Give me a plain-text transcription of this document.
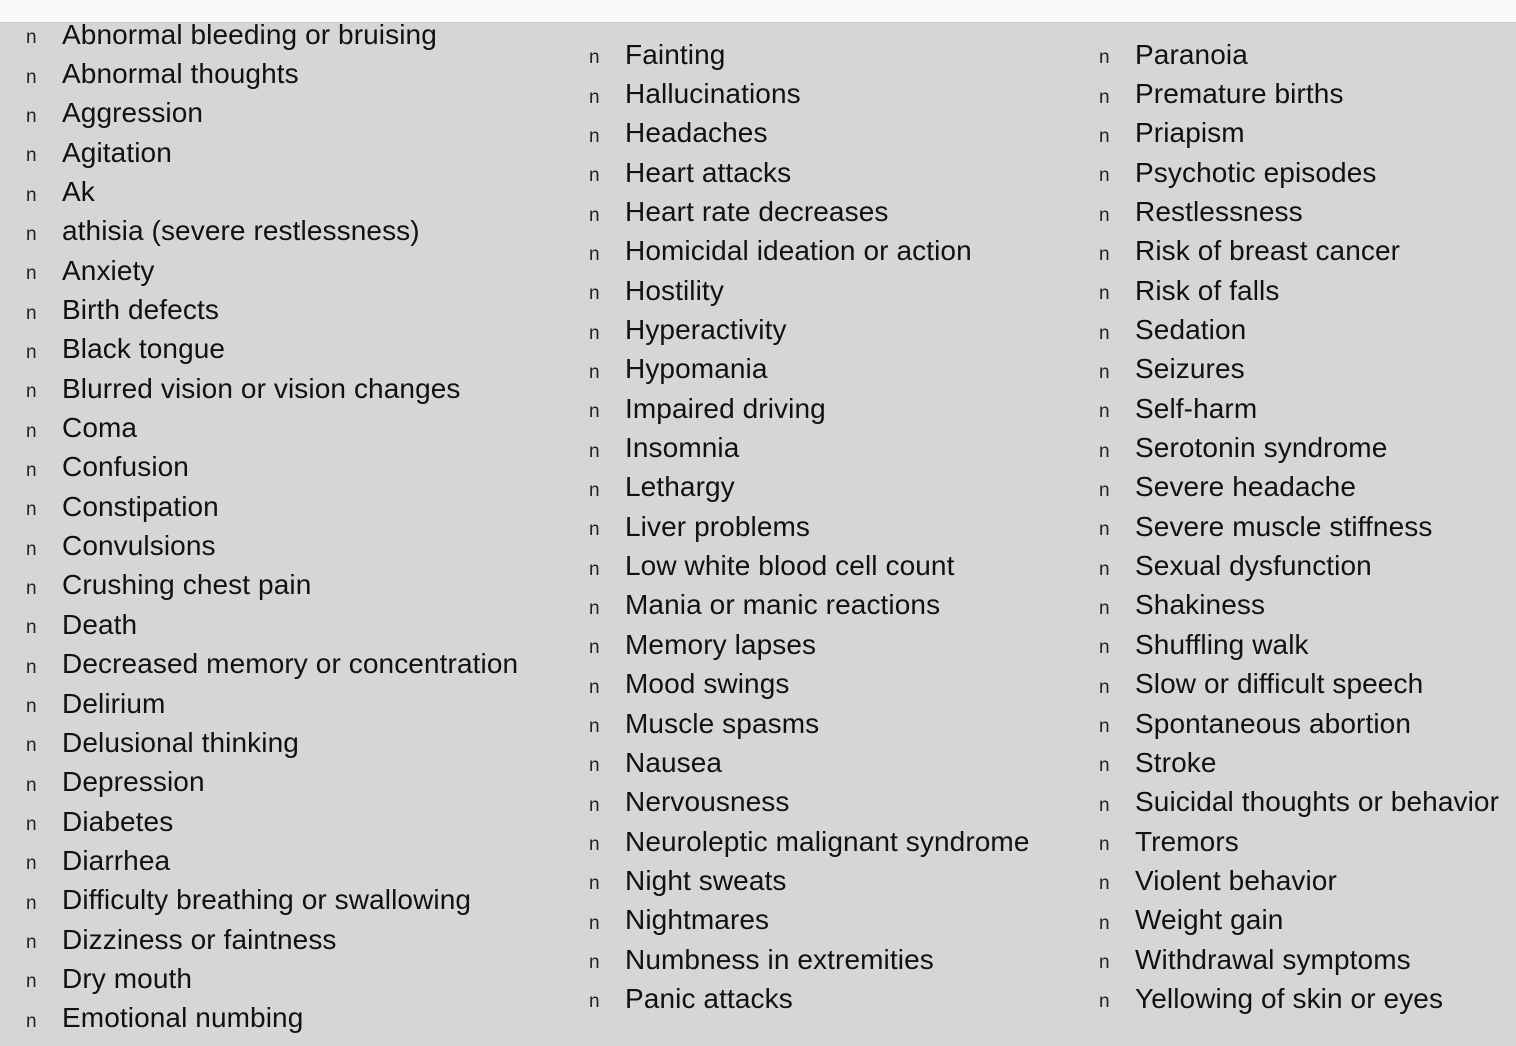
n Abnormal bleeding or bruising
n Abnormal thoughts
n Aggression
n Agitation
n Ak
n athisia (severe restlessness)
n Anxiety
n Birth defects
n Black tongue
n Blurred vision or vision changes
n Coma
n Confusion
n Constipation
n Convulsions
n Crushing chest pain
n Death
n Decreased memory or concentration
n Delirium
n Delusional thinking
n Depression
n Diabetes
n Diarrhea
n Difficulty breathing or swallowing
n Dizziness or faintness
n Dry mouth
n Emotional numbing
n Fainting
n Hallucinations
n Headaches
n Heart attacks
n Heart rate decreases
n Homicidal ideation or action
n Hostility
n Hyperactivity
n Hypomania
n Impaired driving
n Insomnia
n Lethargy
n Liver problems
n Low white blood cell count
n Mania or manic reactions
n Memory lapses
n Mood swings
n Muscle spasms
n Nausea
n Nervousness
n Neuroleptic malignant syndrome
n Night sweats
n Nightmares
n Numbness in extremities
n Panic attacks
n Paranoia
n Premature births
n Priapism
n Psychotic episodes
n Restlessness
n Risk of breast cancer
n Risk of falls
n Sedation
n Seizures
n Self-harm
n Serotonin syndrome
n Severe headache
n Severe muscle stiffness
n Sexual dysfunction
n Shakiness
n Shuffling walk
n Slow or difficult speech
n Spontaneous abortion
n Stroke
n Suicidal thoughts or behavior
n Tremors
n Violent behavior
n Weight gain
n Withdrawal symptoms
n Yellowing of skin or eyes
